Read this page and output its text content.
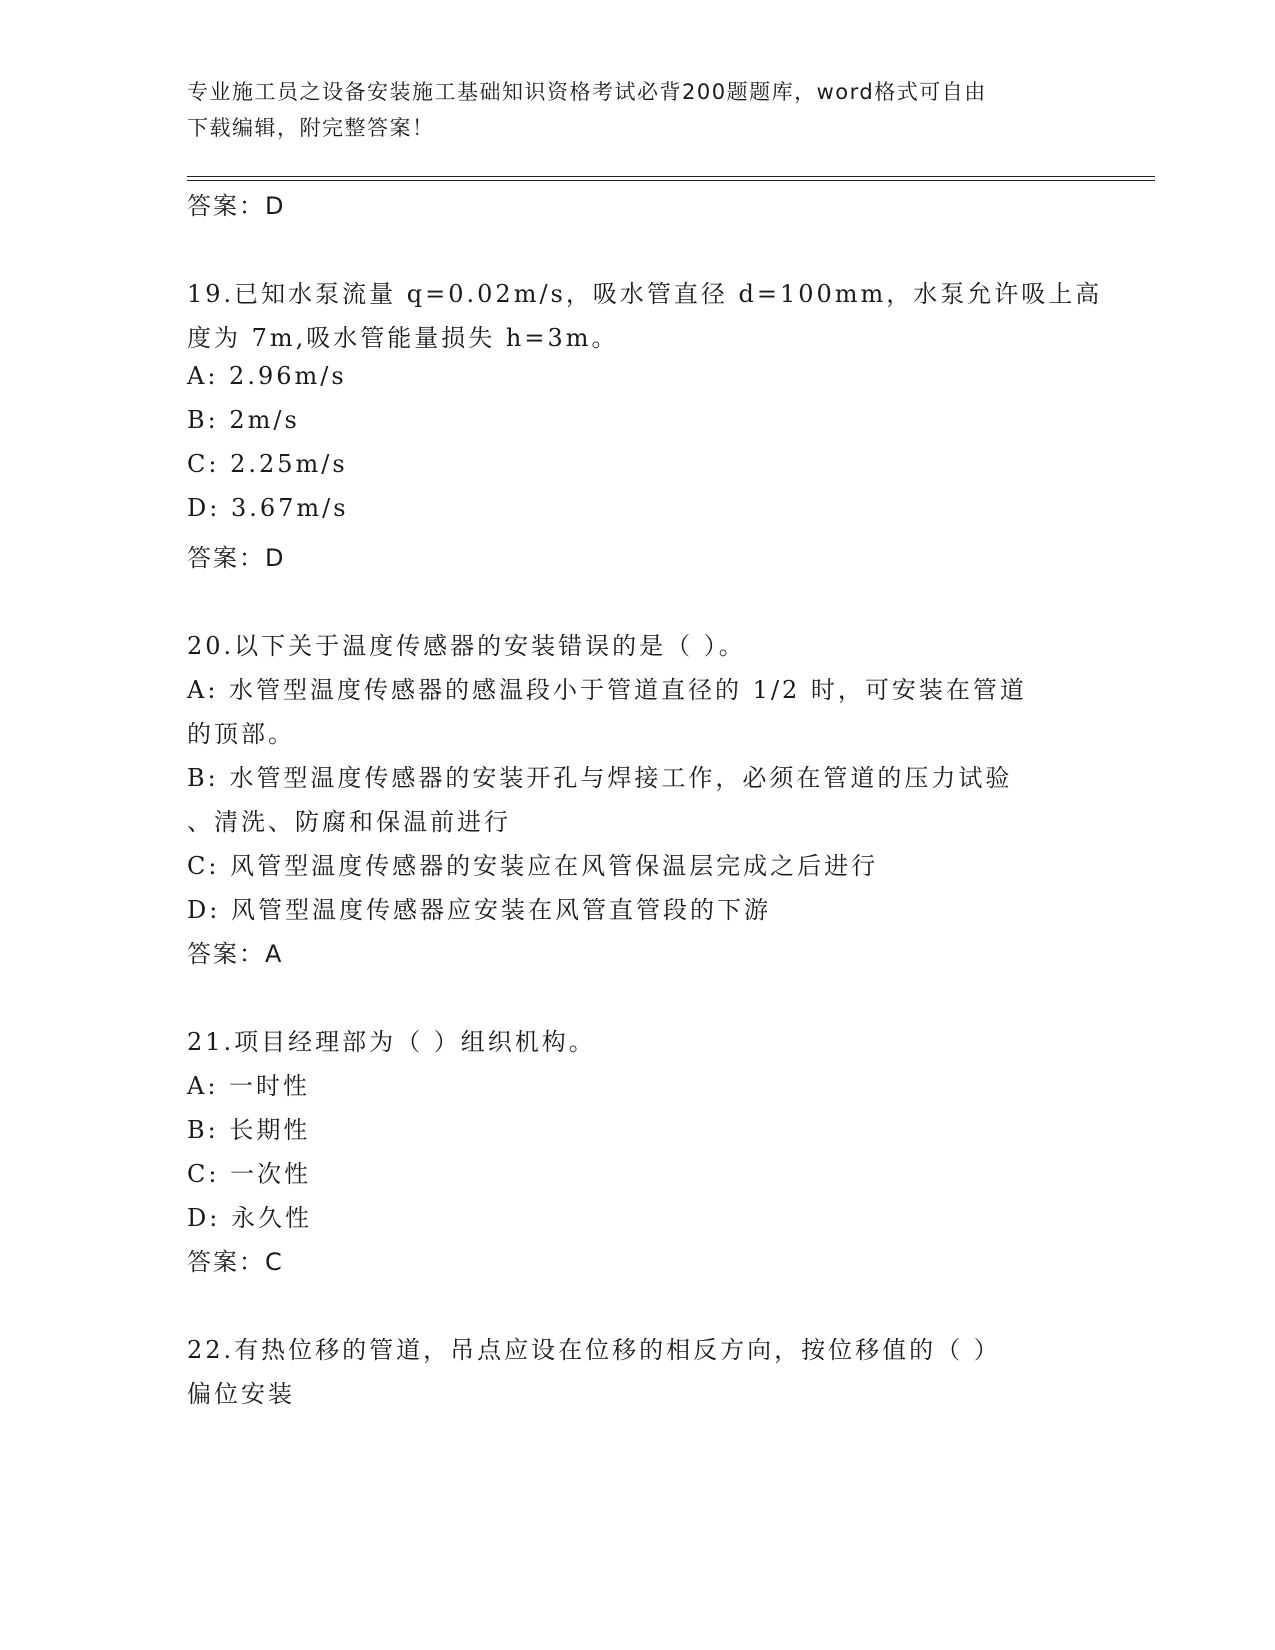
专业施工员之设备安装施工基础知识资格考试必背200题题库，word格式可自由
下载编辑，附完整答案！
答案：D
19.已知水泵流量 q=0.02m/s，吸水管直径 d=100mm，水泵允许吸上高
度为 7m,吸水管能量损失 h=3m。
A: 2.96m/s
B: 2m/s
C: 2.25m/s
D: 3.67m/s
答案：D
20.以下关于温度传感器的安装错误的是（ ）。
A: 水管型温度传感器的感温段小于管道直径的 1/2 时，可安装在管道
的顶部。
B: 水管型温度传感器的安装开孔与焊接工作，必须在管道的压力试验
、清洗、防腐和保温前进行
C: 风管型温度传感器的安装应在风管保温层完成之后进行
D: 风管型温度传感器应安装在风管直管段的下游
答案：A
21.项目经理部为（ ）组织机构。
A: 一时性
B: 长期性
C: 一次性
D: 永久性
答案：C
22.有热位移的管道，吊点应设在位移的相反方向，按位移值的（ ）
偏位安装
